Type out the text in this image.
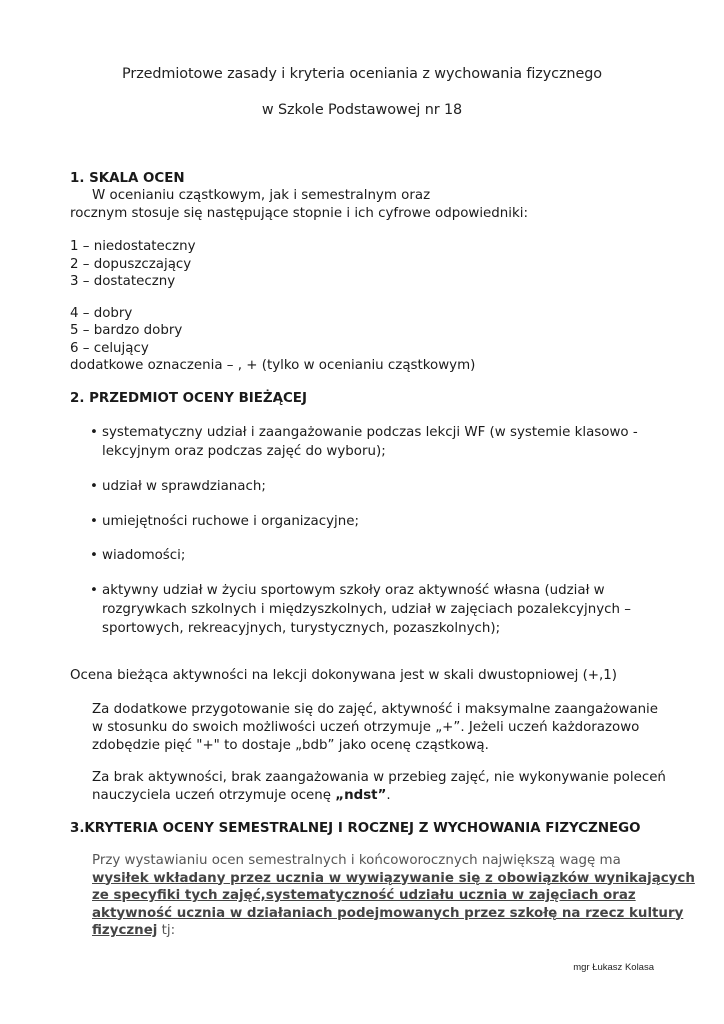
Przedmiotowe zasady i kryteria oceniania z wychowania fizycznego
w Szkole Podstawowej nr 18
1. SKALA OCEN
W ocenianiu cząstkowym, jak i semestralnym oraz
rocznym stosuje się następujące stopnie i ich cyfrowe odpowiedniki:
1 – niedostateczny
2 – dopuszczający
3 – dostateczny
4 – dobry
5 – bardzo dobry
6 – celujący
dodatkowe oznaczenia – , + (tylko w ocenianiu cząstkowym)
2. PRZEDMIOT OCENY BIEŻĄCEJ
• systematyczny udział i zaangażowanie podczas lekcji WF (w systemie klasowo -
lekcyjnym oraz podczas zajęć do wyboru);
• udział w sprawdzianach;
• umiejętności ruchowe i organizacyjne;
• wiadomości;
• aktywny udział w życiu sportowym szkoły oraz aktywność własna (udział w
rozgrywkach szkolnych i międzyszkolnych, udział w zajęciach pozalekcyjnych –
sportowych, rekreacyjnych, turystycznych, pozaszkolnych);
Ocena bieżąca aktywności na lekcji dokonywana jest w skali dwustopniowej (+,1)
Za dodatkowe przygotowanie się do zajęć, aktywność i maksymalne zaangażowanie
w stosunku do swoich możliwości uczeń otrzymuje „+”. Jeżeli uczeń każdorazowo
zdobędzie pięć "+" to dostaje „bdb” jako ocenę cząstkową.
Za brak aktywności, brak zaangażowania w przebieg zajęć, nie wykonywanie poleceń
nauczyciela uczeń otrzymuje ocenę „ndst”.
3.KRYTERIA OCENY SEMESTRALNEJ I ROCZNEJ Z WYCHOWANIA FIZYCZNEGO
Przy wystawianiu ocen semestralnych i końcoworocznych największą wagę ma
wysiłek wkładany przez ucznia w wywiązywanie się z obowiązków wynikających
ze specyfiki tych zajęć,systematyczność udziału ucznia w zajęciach oraz
aktywność ucznia w działaniach podejmowanych przez szkołę na rzecz kultury
fizycznej tj:
mgr Łukasz Kolasa
